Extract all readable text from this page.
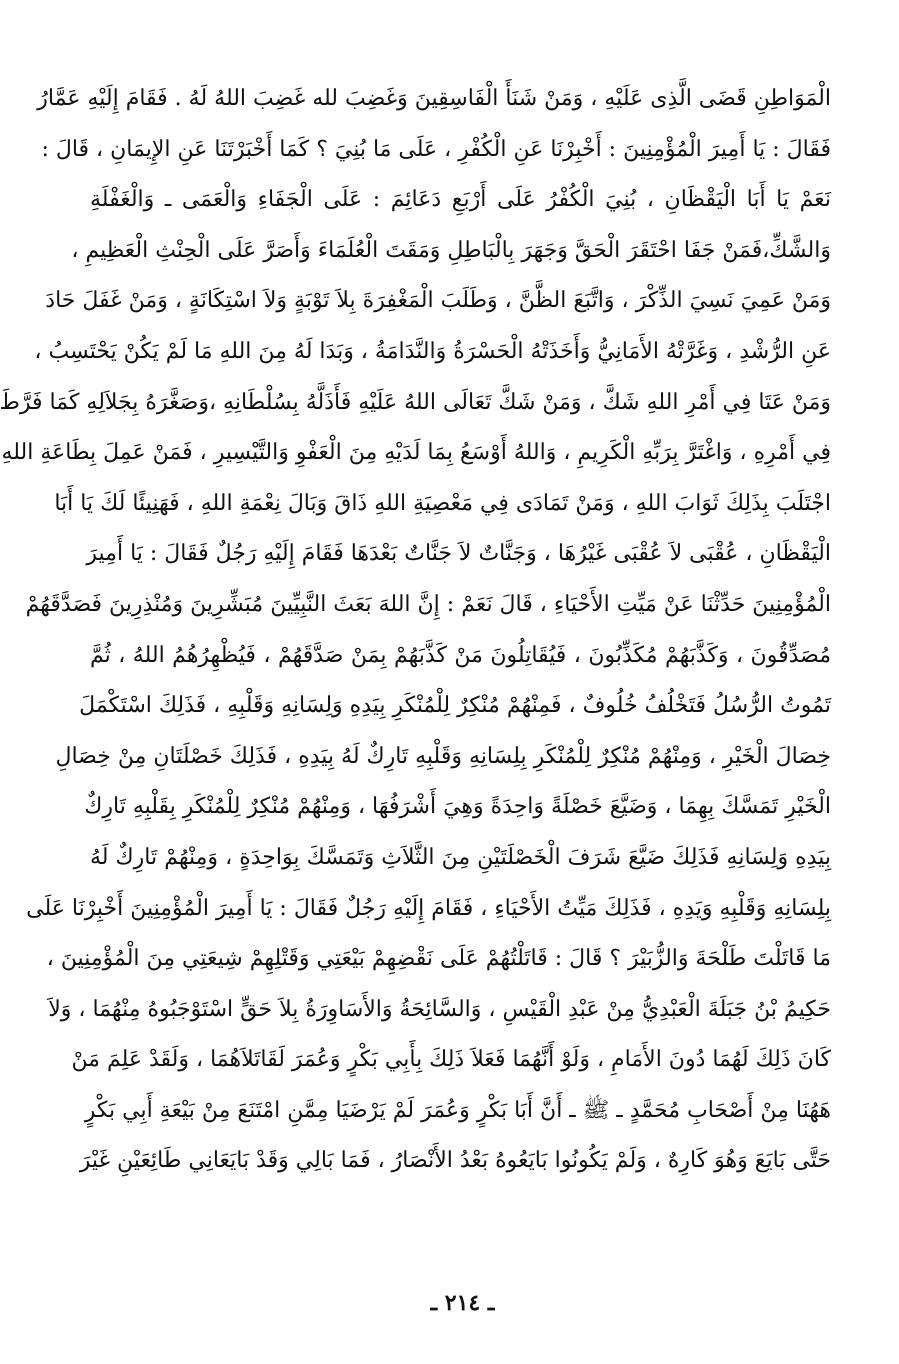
الْمَوَاطِنِ قَضَى الَّذِى عَلَيْهِ ، وَمَنْ شَنَأَ الْفَاسِقِينَ وَغَضِبَ لله غَضِبَ اللهُ لَهُ . فَقَامَ إِلَيْهِ عَمَّارُ
فَقَالَ : يَا أَمِيرَ الْمُؤْمِنِينَ : أَخْبِرْنَا عَنِ الْكُفْرِ ، عَلَى مَا بُنِيَ ؟ كَمَا أَخْبَرْتَنَا عَنِ الإِيمَانِ ، قَالَ :
نَعَمْ يَا أَبَا الْيَقْظَانِ ، بُنِيَ الْكُفْرُ عَلَى أَرْبَعِ دَعَائِمَ : عَلَى الْجَفَاءِ وَالْعَمَى ـ وَالْغَفْلَةِ
وَالشَّكِّ،فَمَنْ جَفَا احْتَقَرَ الْحَقَّ وَجَهَرَ بِالْبَاطِلِ وَمَقَتَ الْعُلَمَاءَ وَأَصَرَّ عَلَى الْحِنْثِ الْعَظِيمِ ،
وَمَنْ عَمِيَ نَسِيَ الذِّكْرَ ، وَاتَّبَعَ الظَّنَّ ، وَطَلَبَ الْمَغْفِرَةَ بِلاَ تَوْبَةٍ وَلاَ اسْتِكَانَةٍ ، وَمَنْ غَفَلَ حَادَ
عَنِ الرُّشْدِ ، وَغَرَّتْهُ الأَمَانِيُّ وَأَخَذَتْهُ الْحَسْرَةُ وَالنَّدَامَةُ ، وَبَدَا لَهُ مِنَ اللهِ مَا لَمْ يَكُنْ يَحْتَسِبُ ،
وَمَنْ عَتَا فِي أَمْرِ اللهِ شَكَّ ، وَمَنْ شَكَّ تَعَالَى اللهُ عَلَيْهِ فَأَذَلَّهُ بِسُلْطَانِهِ ،وَصَغَّرَهُ بِجَلاَلِهِ كَمَا فَرَّطَ
فِي أَمْرِهِ ، وَاغْتَرَّ بِرَبِّهِ الْكَرِيمِ ، وَاللهُ أَوْسَعُ بِمَا لَدَيْهِ مِنَ الْعَفْوِ وَالتَّيْسِيرِ ، فَمَنْ عَمِلَ بِطَاعَةِ اللهِ
اجْتَلَبَ بِذَلِكَ ثَوَابَ اللهِ ، وَمَنْ تَمَادَى فِي مَعْصِيَةِ اللهِ ذَاقَ وَبَالَ نِعْمَةِ اللهِ ، فَهَنِيئًا لَكَ يَا أَبَا
الْيَقْظَانِ ، عُقْبَى لاَ عُقْبَى غَيْرُهَا ، وَجَنَّاتٌ لاَ جَنَّاتٌ بَعْدَهَا فَقَامَ إِلَيْهِ رَجُلٌ فَقَالَ : يَا أَمِيرَ
الْمُؤْمِنِينَ حَدِّثْنَا عَنْ مَيِّتِ الأَحْيَاءِ ، قَالَ نَعَمْ : إِنَّ اللهَ بَعَثَ النَّبِيِّينَ مُبَشِّرِينَ وَمُنْذِرِينَ فَصَدَّقَهُمْ
مُصَدِّقُونَ ، وَكَذَّبَهُمْ مُكَذِّبُونَ ، فَيُقَاتِلُونَ مَنْ كَذَّبَهُمْ بِمَنْ صَدَّقَهُمْ ، فَيُظْهِرُهُمُ اللهُ ، ثُمَّ
تَمُوتُ الرُّسُلُ فَتَخْلُفُ خُلُوفٌ ، فَمِنْهُمْ مُنْكِرٌ لِلْمُنْكَرِ بِيَدِهِ وَلِسَانِهِ وَقَلْبِهِ ، فَذَلِكَ اسْتَكْمَلَ
خِصَالَ الْخَيْرِ ، وَمِنْهُمْ مُنْكِرٌ لِلْمُنْكَرِ بِلِسَانِهِ وَقَلْبِهِ تَارِكٌ لَهُ بِيَدِهِ ، فَذَلِكَ خَصْلَتَانِ مِنْ خِصَالِ
الْخَيْرِ تَمَسَّكَ بِهِمَا ، وَضَيَّعَ خَصْلَةً وَاحِدَةً وَهِيَ أَشْرَفُهَا ، وَمِنْهُمْ مُنْكِرٌ لِلْمُنْكَرِ بِقَلْبِهِ تَارِكٌ
بِيَدِهِ وَلِسَانِهِ فَذَلِكَ ضَيَّعَ شَرَفَ الْخَصْلَتَيْنِ مِنَ الثَّلاَثِ وَتَمَسَّكَ بِوَاحِدَةٍ ، وَمِنْهُمْ تَارِكٌ لَهُ
بِلِسَانِهِ وَقَلْبِهِ وَيَدِهِ ، فَذَلِكَ مَيِّتُ الأَحْيَاءِ ، فَقَامَ إِلَيْهِ رَجُلٌ فَقَالَ : يَا أَمِيرَ الْمُؤْمِنِينَ أَخْبِرْنَا عَلَى
مَا قَاتَلْتَ طَلْحَةَ وَالزُّبَيْرَ ؟ قَالَ : قَاتَلْتُهُمْ عَلَى نَقْضِهِمْ بَيْعَتِي وَقَتْلِهِمْ شِيعَتِي مِنَ الْمُؤْمِنِينَ ،
حَكِيمُ بْنُ جَبَلَةَ الْعَبْدِيُّ مِنْ عَبْدِ الْقَيْسِ ، وَالسَّائِحَةُ وَالأَسَاوِرَةُ بِلاَ حَقٍّ اسْتَوْجَبُوهُ مِنْهُمَا ، وَلاَ
كَانَ ذَلِكَ لَهُمَا دُونَ الأَمَامِ ، وَلَوْ أَنَّهُمَا فَعَلاَ ذَلِكَ بِأَبِي بَكْرٍ وَعُمَرَ لَقَاتَلاَهُمَا ، وَلَقَدْ عَلِمَ مَنْ
هَهُنَا مِنْ أَصْحَابِ مُحَمَّدٍ ـ ﷺ ـ أَنَّ أَبَا بَكْرٍ وَعُمَرَ لَمْ يَرْضَيَا مِمَّنِ امْتَنَعَ مِنْ بَيْعَةِ أَبِي بَكْرٍ
حَتَّى بَايَعَ وَهُوَ كَارِهٌ ، وَلَمْ يَكُونُوا بَايَعُوهُ بَعْدُ الأَنْصَارُ ، فَمَا بَالِي وَقَدْ بَايَعَانِي طَائِعَيْنِ غَيْرَ
ـ ٢١٤ ـ
